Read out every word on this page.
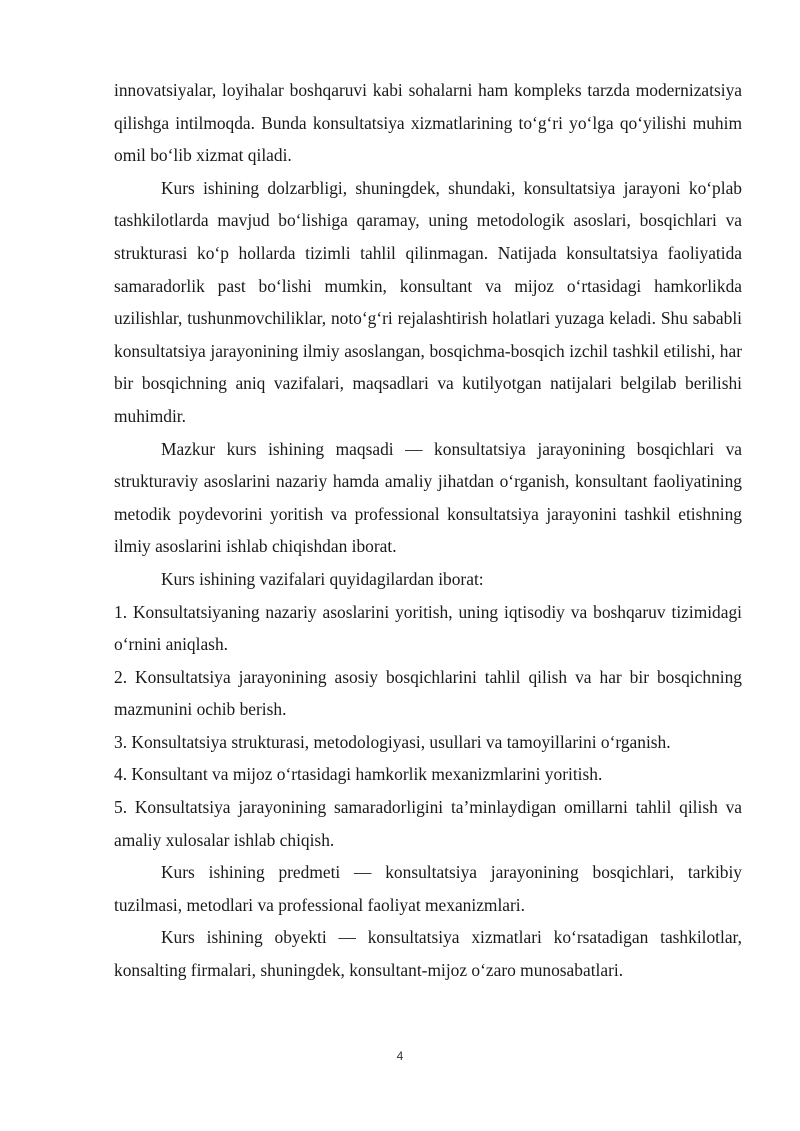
innovatsiyalar, loyihalar boshqaruvi kabi sohalarni ham kompleks tarzda modernizatsiya qilishga intilmoqda. Bunda konsultatsiya xizmatlarining to‘g‘ri yo‘lga qo‘yilishi muhim omil bo‘lib xizmat qiladi.

Kurs ishining dolzarbligi, shuningdek, shundaki, konsultatsiya jarayoni ko‘plab tashkilotlarda mavjud bo‘lishiga qaramay, uning metodologik asoslari, bosqichlari va strukturasi ko‘p hollarda tizimli tahlil qilinmagan. Natijada konsultatsiya faoliyatida samaradorlik past bo‘lishi mumkin, konsultant va mijoz o‘rtasidagi hamkorlikda uzilishlar, tushunmovchiliklar, noto‘g‘ri rejalashtirish holatlari yuzaga keladi. Shu sababli konsultatsiya jarayonining ilmiy asoslangan, bosqichma-bosqich izchil tashkil etilishi, har bir bosqichning aniq vazifalari, maqsadlari va kutilyotgan natijalari belgilab berilishi muhimdir.

Mazkur kurs ishining maqsadi — konsultatsiya jarayonining bosqichlari va strukturaviy asoslarini nazariy hamda amaliy jihatdan o‘rganish, konsultant faoliyatining metodik poydevorini yoritish va professional konsultatsiya jarayonini tashkil etishning ilmiy asoslarini ishlab chiqishdan iborat.

Kurs ishining vazifalari quyidagilardan iborat:

1. Konsultatsiyaning nazariy asoslarini yoritish, uning iqtisodiy va boshqaruv tizimidagi o‘rnini aniqlash.

2. Konsultatsiya jarayonining asosiy bosqichlarini tahlil qilish va har bir bosqichning mazmunini ochib berish.

3. Konsultatsiya strukturasi, metodologiyasi, usullari va tamoyillarini o‘rganish.

4. Konsultant va mijoz o‘rtasidagi hamkorlik mexanizmlarini yoritish.

5. Konsultatsiya jarayonining samaradorligini ta’minlaydigan omillarni tahlil qilish va amaliy xulosalar ishlab chiqish.

Kurs ishining predmeti — konsultatsiya jarayonining bosqichlari, tarkibiy tuzilmasi, metodlari va professional faoliyat mexanizmlari.

Kurs ishining obyekti — konsultatsiya xizmatlari ko‘rsatadigan tashkilotlar, konsalting firmalari, shuningdek, konsultant-mijoz o‘zaro munosabatlari.

4
